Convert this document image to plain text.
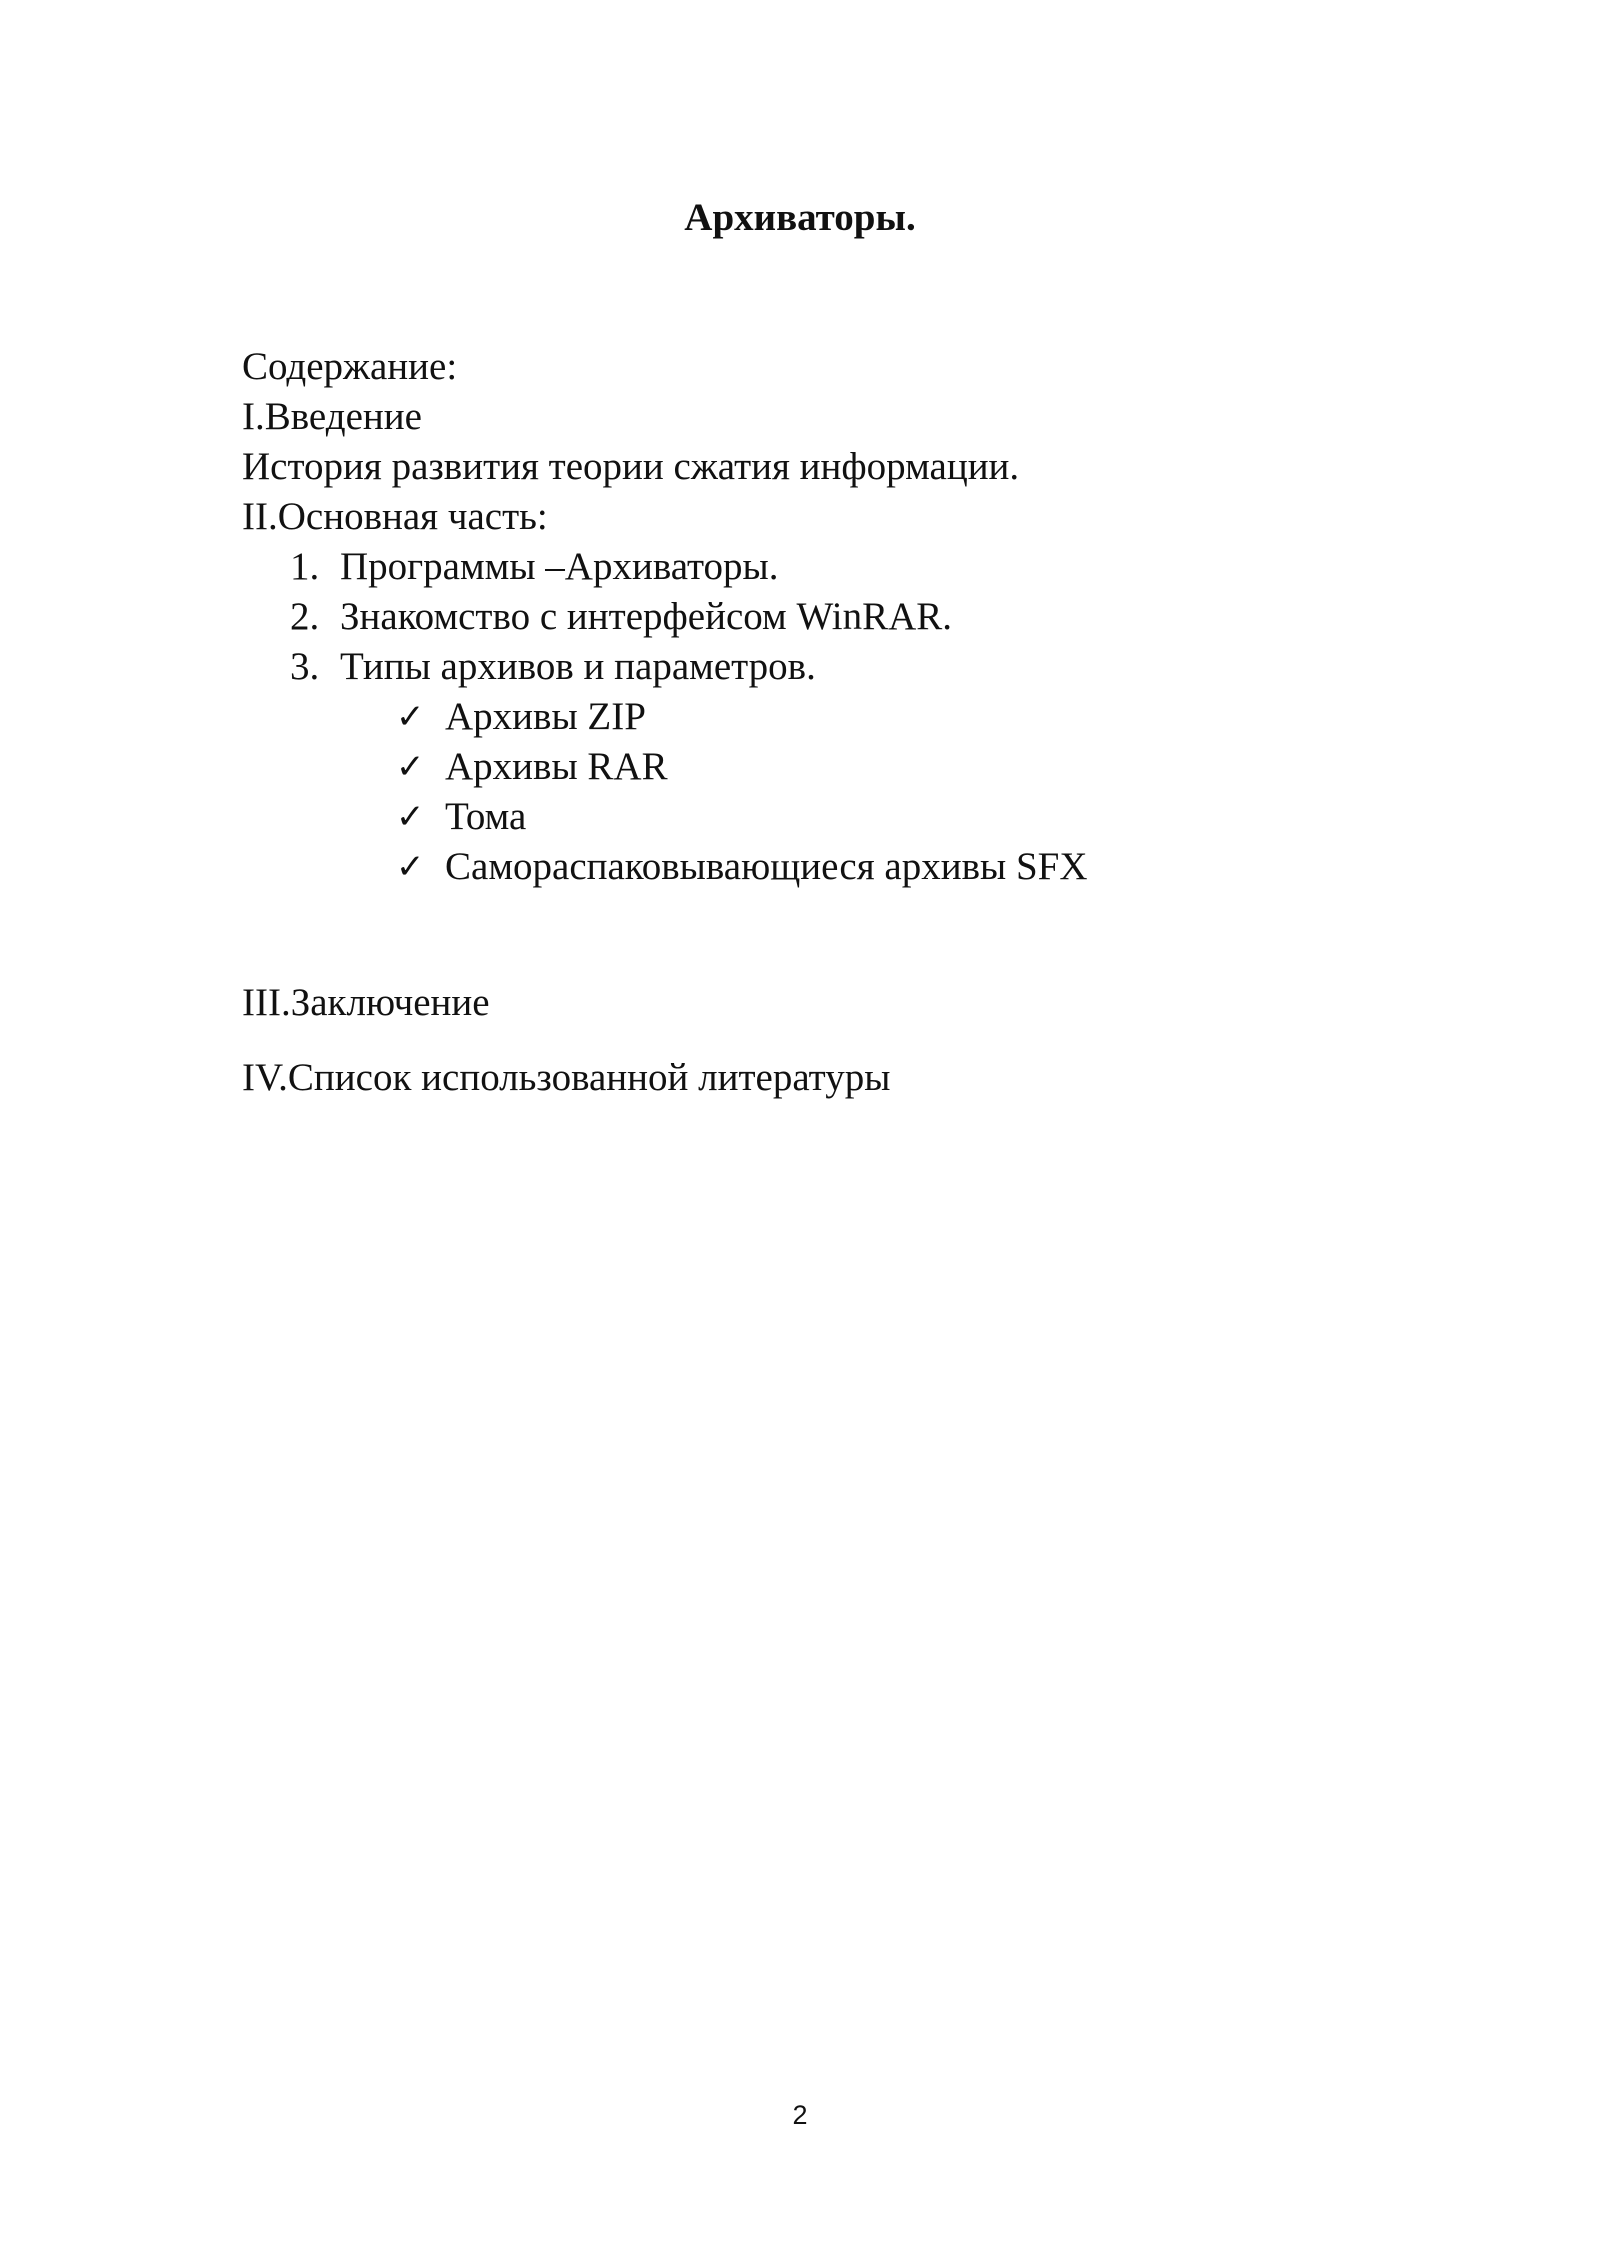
Архиваторы.
Содержание:
I.Введение
История развития теории сжатия информации.
II.Основная часть:
1. Программы –Архиваторы.
2. Знакомство с интерфейсом WinRAR.
3. Типы архивов и параметров.
✓ Архивы ZIP
✓ Архивы RAR
✓ Тома
✓ Самораспаковывающиеся архивы SFX
III.Заключение
IV.Список использованной литературы
2
